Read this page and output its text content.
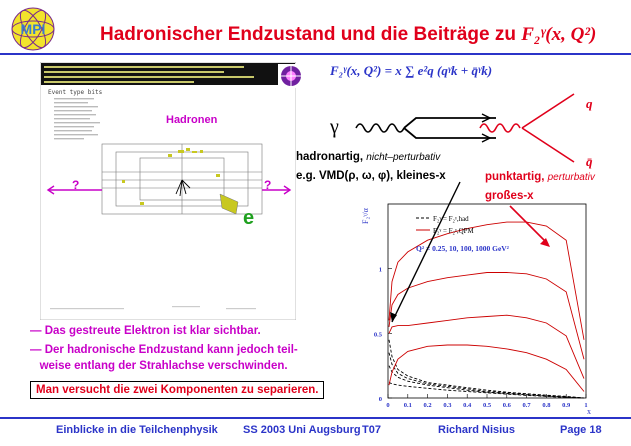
Hadronischer Endzustand und die Beiträge zu F₂ᵞ(x, Q²)
MPI
Event type bits
Hadronen
?	?
e
F₂ᵞ(x, Q²) = x ∑ e²q (qᵞk + q̄ᵞk)
γ
q
q̄
hadronartig, nicht–perturbativ
e.g. VMD(ρ, ω, φ), kleines-x	punktartig, perturbativ
großes-x
0 0.1 0.2 0.3 0.4 0.5 0.6 0.7 0.8 0.9 1
0
0.5
1
F₂ᵞ = F₂ᵞ,had
F₂ᵞ = F₂ᵞ,QPM
Q² = 0.25, 10, 100, 1000 GeV²
F₂ᵞ/α
x
— Das gestreute Elektron ist klar sichtbar.
— Der hadronische Endzustand kann jedoch teil-
weise entlang der Strahlachse verschwinden.
Man versucht die zwei Komponenten zu separieren.
Einblicke in die Teilchenphysik SS 2003 Uni Augsburg T07	Richard Nisius	Page 18
